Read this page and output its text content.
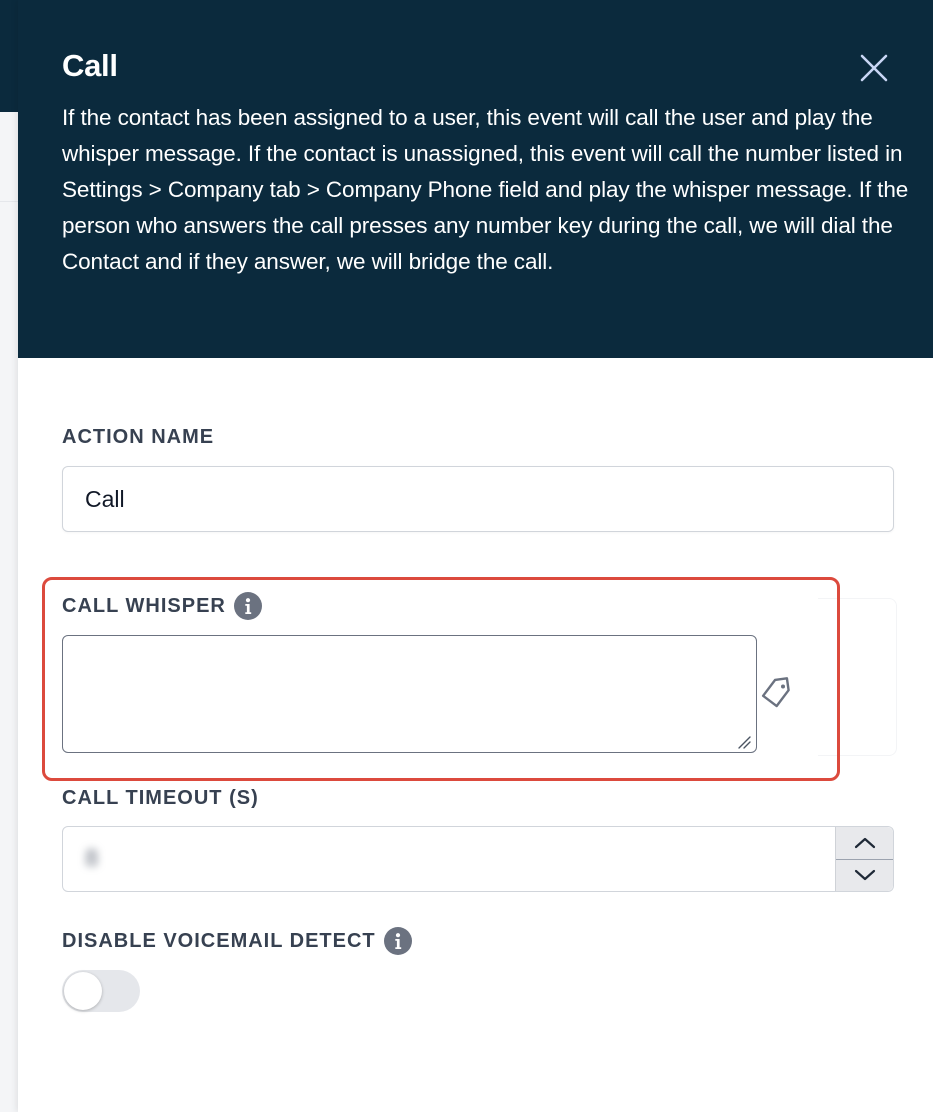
Call

If the contact has been assigned to a user, this event will call the user and play the whisper message. If the contact is unassigned, this event will call the number listed in Settings > Company tab > Company Phone field and play the whisper message. If the person who answers the call presses any number key during the call, we will dial the Contact and if they answer, we will bridge the call.

ACTION NAME
Call
CALL WHISPER
CALL TIMEOUT (S)
8
DISABLE VOICEMAIL DETECT
